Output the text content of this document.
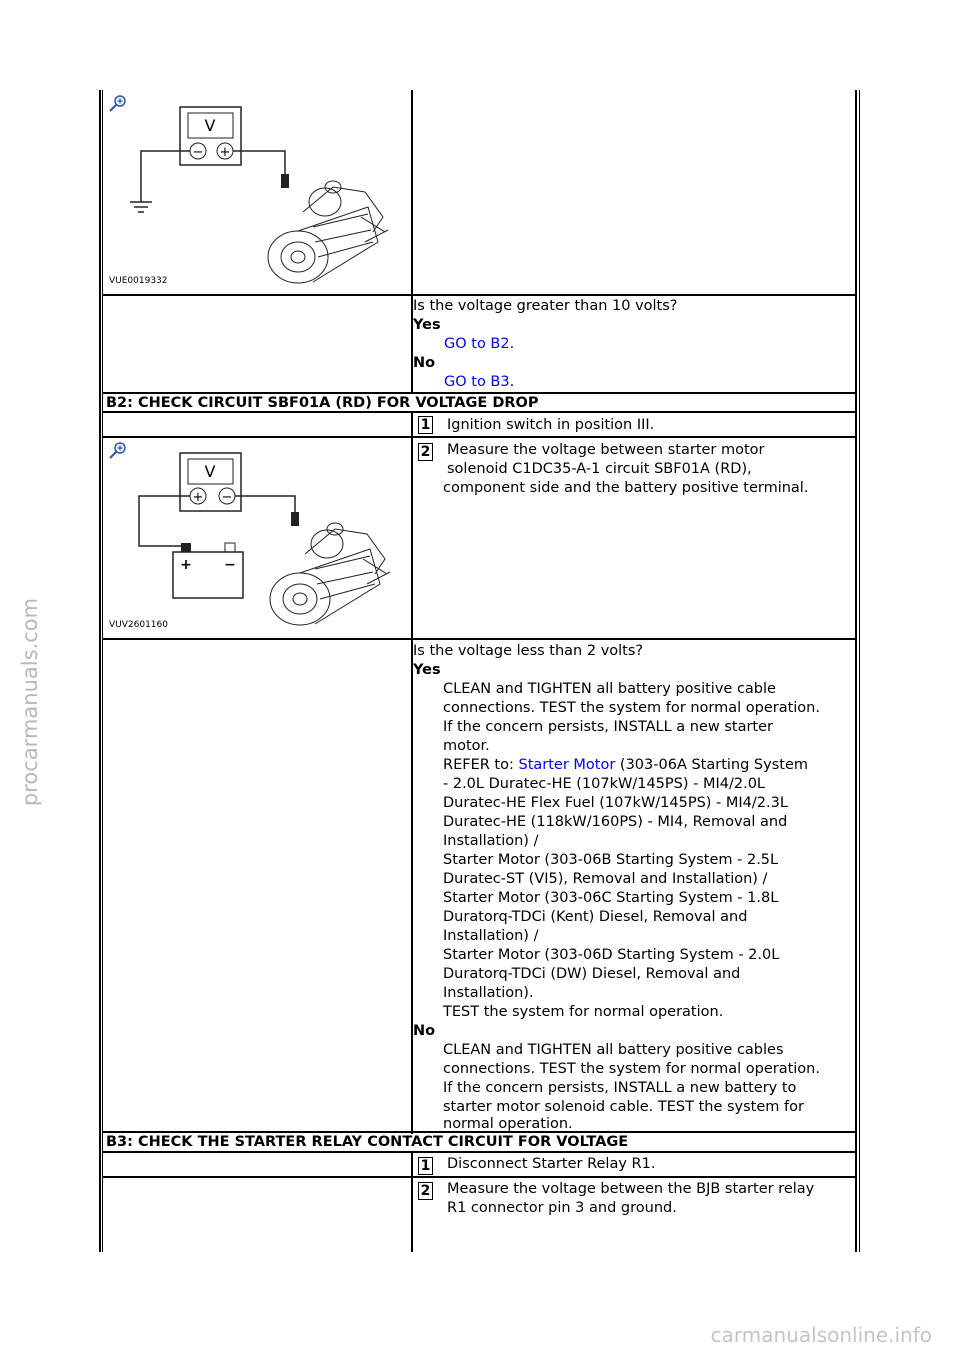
procarmanuals.com
carmanualsonline.info
V
− +
VUE0019332
Is the voltage greater than 10 volts?
Yes
GO to B2.
No
GO to B3.
B2: CHECK CIRCUIT SBF01A (RD) FOR VOLTAGE DROP
1 Ignition switch in position III.
V
+ −
+ −
VUV2601160
2 Measure the voltage between starter motor
solenoid C1DC35-A-1 circuit SBF01A (RD),
component side and the battery positive terminal.
Is the voltage less than 2 volts?
Yes
CLEAN and TIGHTEN all battery positive cable
connections. TEST the system for normal operation.
If the concern persists, INSTALL a new starter
motor.
REFER to: Starter Motor (303-06A Starting System
- 2.0L Duratec-HE (107kW/145PS) - MI4/2.0L
Duratec-HE Flex Fuel (107kW/145PS) - MI4/2.3L
Duratec-HE (118kW/160PS) - MI4, Removal and
Installation) /
Starter Motor (303-06B Starting System - 2.5L
Duratec-ST (VI5), Removal and Installation) /
Starter Motor (303-06C Starting System - 1.8L
Duratorq-TDCi (Kent) Diesel, Removal and
Installation) /
Starter Motor (303-06D Starting System - 2.0L
Duratorq-TDCi (DW) Diesel, Removal and
Installation).
TEST the system for normal operation.
No
CLEAN and TIGHTEN all battery positive cables
connections. TEST the system for normal operation.
If the concern persists, INSTALL a new battery to
starter motor solenoid cable. TEST the system for
normal operation.
B3: CHECK THE STARTER RELAY CONTACT CIRCUIT FOR VOLTAGE
1 Disconnect Starter Relay R1.
2 Measure the voltage between the BJB starter relay
R1 connector pin 3 and ground.
